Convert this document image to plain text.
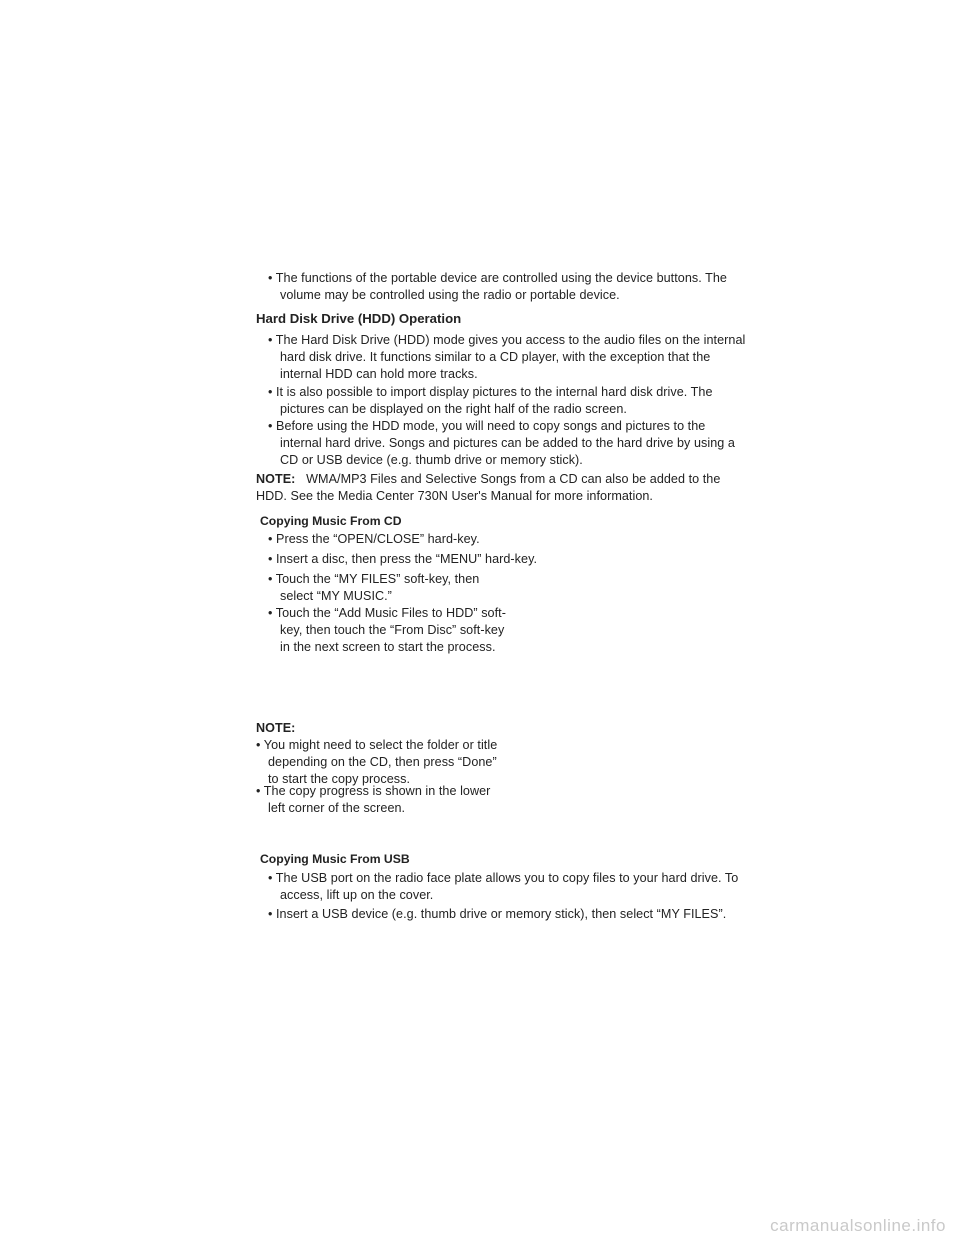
• The functions of the portable device are controlled using the device buttons. The volume may be controlled using the radio or portable device.
Hard Disk Drive (HDD) Operation
• The Hard Disk Drive (HDD) mode gives you access to the audio files on the internal hard disk drive. It functions similar to a CD player, with the exception that the internal HDD can hold more tracks.
• It is also possible to import display pictures to the internal hard disk drive. The pictures can be displayed on the right half of the radio screen.
• Before using the HDD mode, you will need to copy songs and pictures to the internal hard drive. Songs and pictures can be added to the hard drive by using a CD or USB device (e.g. thumb drive or memory stick).
NOTE: WMA/MP3 Files and Selective Songs from a CD can also be added to the HDD. See the Media Center 730N User's Manual for more information.
Copying Music From CD
• Press the “OPEN/CLOSE” hard-key.
• Insert a disc, then press the “MENU” hard-key.
• Touch the “MY FILES” soft-key, then select “MY MUSIC.”
• Touch the “Add Music Files to HDD” soft-key, then touch the “From Disc” soft-key in the next screen to start the process.
NOTE:
• You might need to select the folder or title depending on the CD, then press “Done” to start the copy process.
• The copy progress is shown in the lower left corner of the screen.
Copying Music From USB
• The USB port on the radio face plate allows you to copy files to your hard drive. To access, lift up on the cover.
• Insert a USB device (e.g. thumb drive or memory stick), then select “MY FILES”.
carmanualsonline.info
